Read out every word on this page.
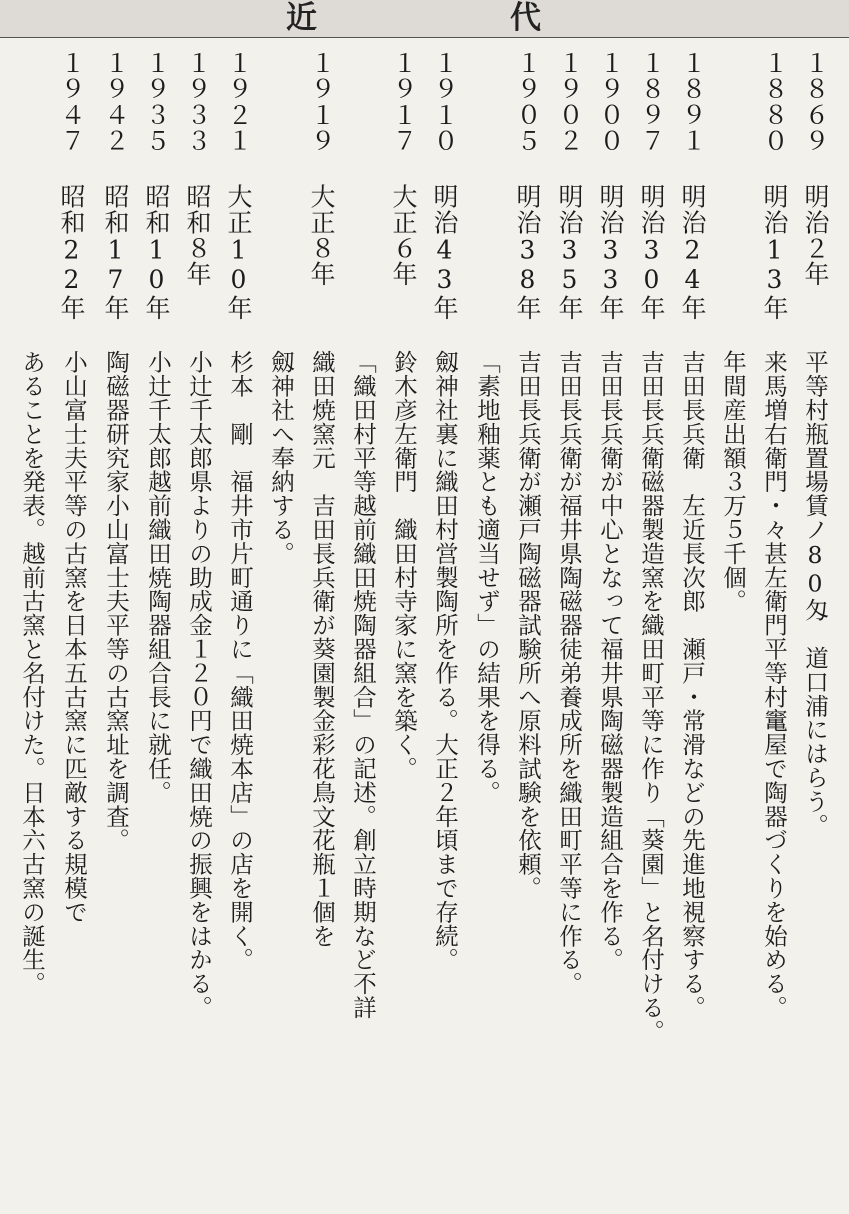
近	代
１８６９ 明治２年
１８８０ 明治13年
１８９１ 明治24年
１８９７ 明治30年
１９００ 明治33年
１９０２ 明治35年
１９０５ 明治38年
１９１０ 明治43年
１９１７ 大正６年
１９１９ 大正８年
１９２１ 大正10年
１９３３ 昭和８年
１９３５ 昭和10年
１９４２ 昭和17年
１９４７ 昭和22年
平等村瓶置場賃ノ80匁　道口浦にはらう。
来馬増右衛門・々甚左衛門平等村竃屋で陶器づくりを始める。
年間産出額３万５千個。
吉田長兵衛　左近長次郎　瀬戸・常滑などの先進地視察する。
吉田長兵衛磁器製造窯を織田町平等に作り「葵園」と名付ける。
吉田長兵衛が中心となって福井県陶磁器製造組合を作る。
吉田長兵衛が福井県陶磁器徒弟養成所を織田町平等に作る。
吉田長兵衛が瀬戸陶磁器試験所へ原料試験を依頼。
「素地釉薬とも適当せず」の結果を得る。
劔神社裏に織田村営製陶所を作る。大正２年頃まで存続。
鈴木彦左衛門　織田村寺家に窯を築く。
「織田村平等越前織田焼陶器組合」の記述。創立時期など不詳
織田焼窯元　吉田長兵衛が葵園製金彩花鳥文花瓶１個を
劔神社へ奉納する。
杉本　剛　福井市片町通りに「織田焼本店」の店を開く。
小辻千太郎県よりの助成金１２０円で織田焼の振興をはかる。
小辻千太郎越前織田焼陶器組合長に就任。
陶磁器研究家小山富士夫平等の古窯址を調査。
小山富士夫平等の古窯を日本五古窯に匹敵する規模で
あることを発表。越前古窯と名付けた。日本六古窯の誕生。
